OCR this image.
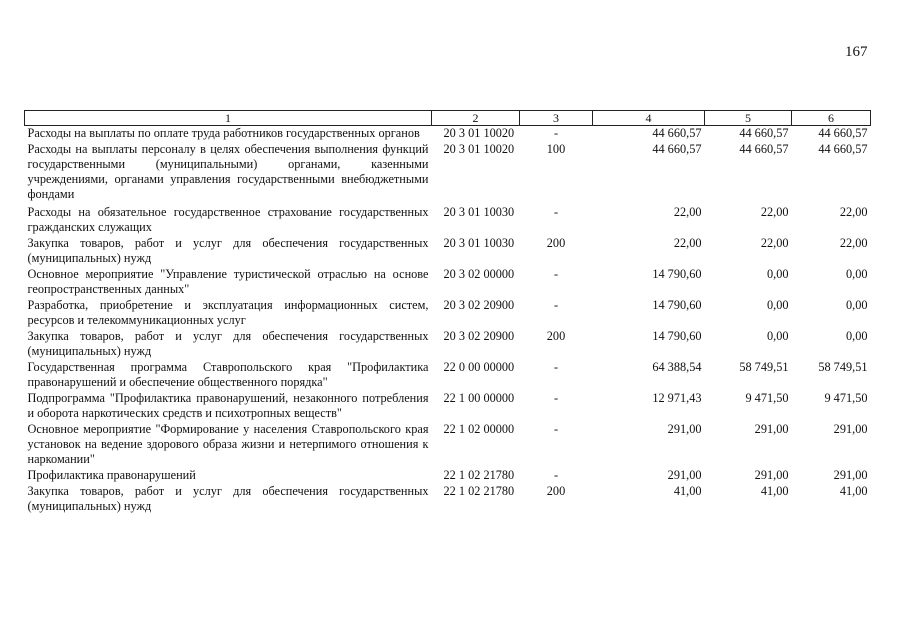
167
1	2	3	4	5	6
Расходы на выплаты по оплате труда работников государственных органов	20 3 01 10020	-	44 660,57	44 660,57	44 660,57
Расходы на выплаты персоналу в целях обеспечения выполнения функций государственными (муниципальными) органами, казенными учреждениями, органами управления государственными внебюджетными фондами	20 3 01 10020	100	44 660,57	44 660,57	44 660,57
Расходы на обязательное государственное страхование государственных гражданских служащих	20 3 01 10030	-	22,00	22,00	22,00
Закупка товаров, работ и услуг для обеспечения государственных (муниципальных) нужд	20 3 01 10030	200	22,00	22,00	22,00
Основное мероприятие "Управление туристической отраслью на основе геопространственных данных"	20 3 02 00000	-	14 790,60	0,00	0,00
Разработка, приобретение и эксплуатация информационных систем, ресурсов и телекоммуникационных услуг	20 3 02 20900	-	14 790,60	0,00	0,00
Закупка товаров, работ и услуг для обеспечения государственных (муниципальных) нужд	20 3 02 20900	200	14 790,60	0,00	0,00
Государственная программа Ставропольского края "Профилактика правонарушений и обеспечение общественного порядка"	22 0 00 00000	-	64 388,54	58 749,51	58 749,51
Подпрограмма "Профилактика правонарушений, незаконного потребления и оборота наркотических средств и психотропных веществ"	22 1 00 00000	-	12 971,43	9 471,50	9 471,50
Основное мероприятие "Формирование у населения Ставропольского края установок на ведение здорового образа жизни и нетерпимого отношения к наркомании"	22 1 02 00000	-	291,00	291,00	291,00
Профилактика правонарушений	22 1 02 21780	-	291,00	291,00	291,00
Закупка товаров, работ и услуг для обеспечения государственных (муниципальных) нужд	22 1 02 21780	200	41,00	41,00	41,00
